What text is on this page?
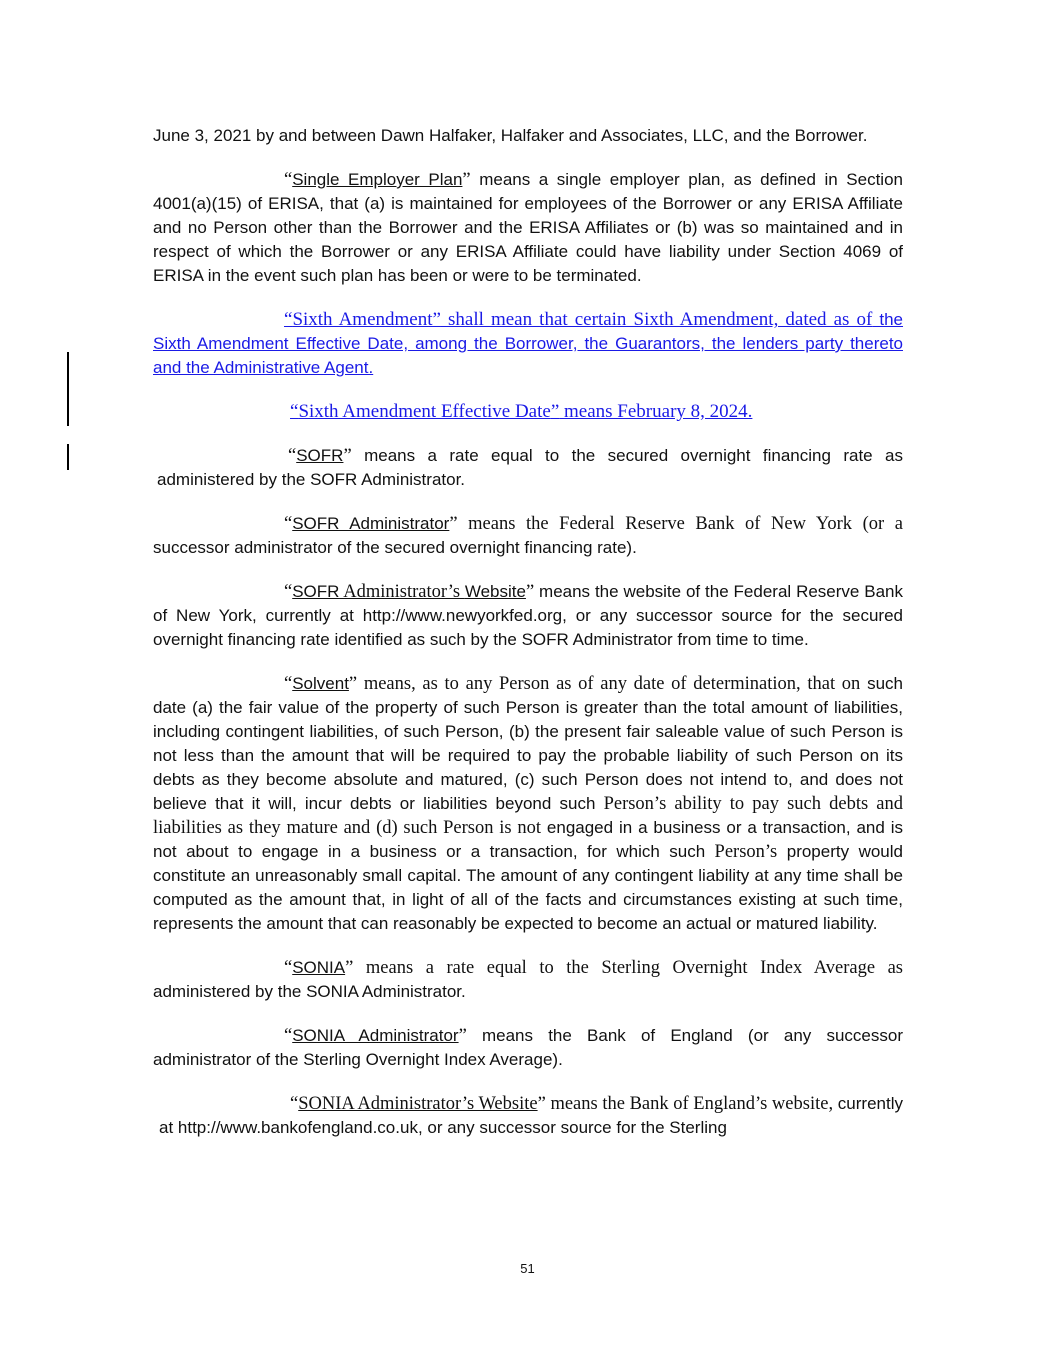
June 3, 2021 by and between Dawn Halfaker, Halfaker and Associates, LLC, and the Borrower.

“Single Employer Plan” means a single employer plan, as defined in Section 4001(a)(15) of ERISA, that (a) is maintained for employees of the Borrower or any ERISA Affiliate and no Person other than the Borrower and the ERISA Affiliates or (b) was so maintained and in respect of which the Borrower or any ERISA Affiliate could have liability under Section 4069 of ERISA in the event such plan has been or were to be terminated.

“Sixth Amendment” shall mean that certain Sixth Amendment, dated as of the Sixth Amendment Effective Date, among the Borrower, the Guarantors, the lenders party thereto and the Administrative Agent.

“Sixth Amendment Effective Date” means February 8, 2024.

“SOFR” means a rate equal to the secured overnight financing rate as administered by the SOFR Administrator.

“SOFR Administrator” means the Federal Reserve Bank of New York (or a successor administrator of the secured overnight financing rate).

“SOFR Administrator’s Website” means the website of the Federal Reserve Bank of New York, currently at http://www.newyorkfed.org, or any successor source for the secured overnight financing rate identified as such by the SOFR Administrator from time to time.

“Solvent” means, as to any Person as of any date of determination, that on such date (a) the fair value of the property of such Person is greater than the total amount of liabilities, including contingent liabilities, of such Person, (b) the present fair saleable value of such Person is not less than the amount that will be required to pay the probable liability of such Person on its debts as they become absolute and matured, (c) such Person does not intend to, and does not believe that it will, incur debts or liabilities beyond such Person’s ability to pay such debts and liabilities as they mature and (d) such Person is not engaged in a business or a transaction, and is not about to engage in a business or a transaction, for which such Person’s property would constitute an unreasonably small capital. The amount of any contingent liability at any time shall be computed as the amount that, in light of all of the facts and circumstances existing at such time, represents the amount that can reasonably be expected to become an actual or matured liability.

“SONIA” means a rate equal to the Sterling Overnight Index Average as administered by the SONIA Administrator.

“SONIA Administrator” means the Bank of England (or any successor administrator of the Sterling Overnight Index Average).

“SONIA Administrator’s Website” means the Bank of England’s website, currently at http://www.bankofengland.co.uk, or any successor source for the Sterling

51
